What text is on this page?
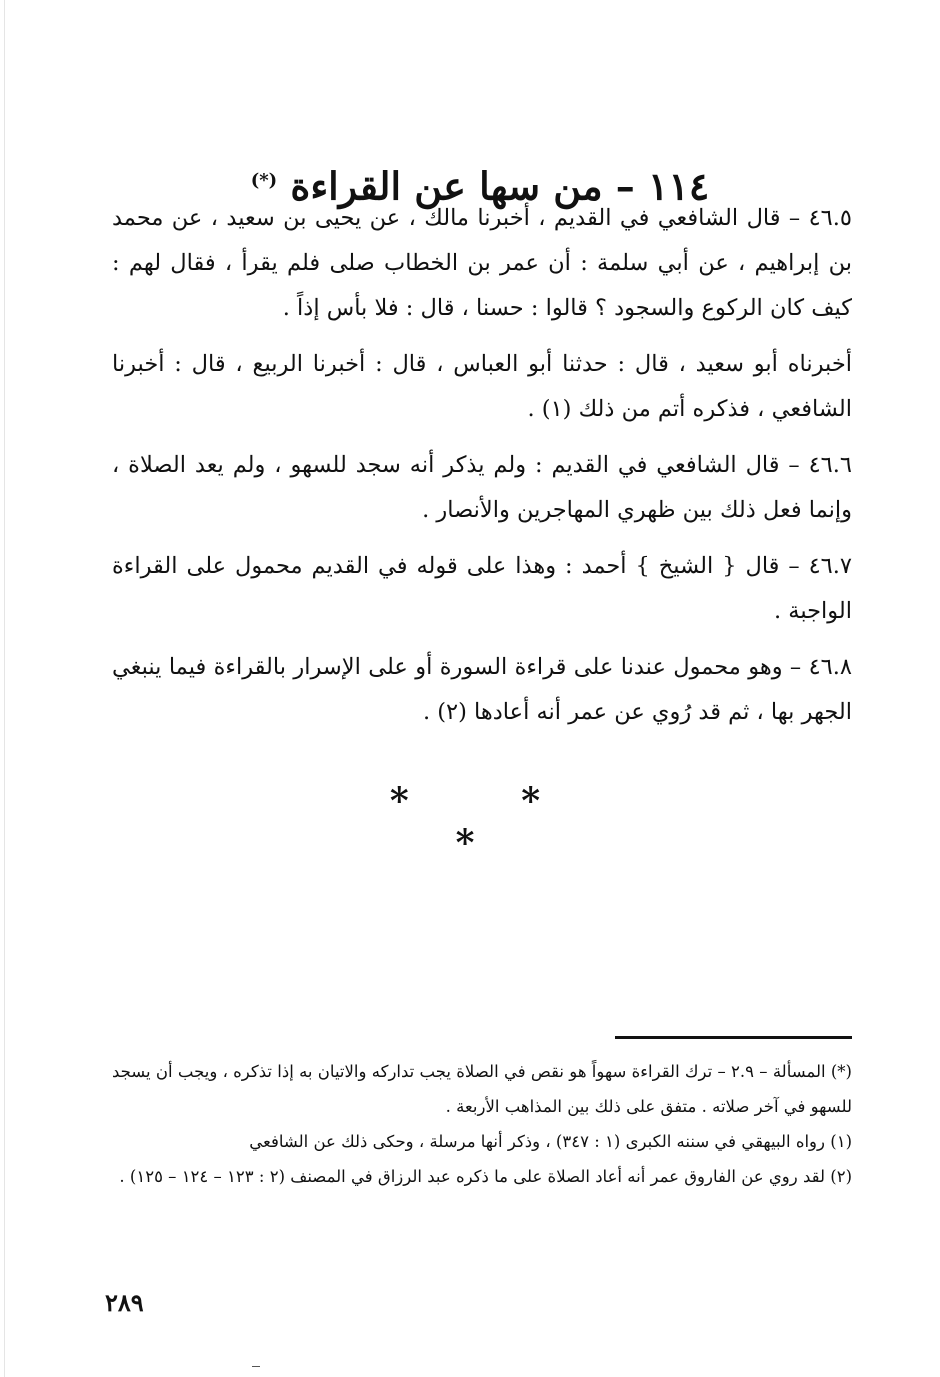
١١٤ – من سها عن القراءة (*)

٤٦.٥ – قال الشافعي في القديم ، أخبرنا مالك ، عن يحيى بن سعيد ، عن محمد بن إبراهيم ، عن أبي سلمة : أن عمر بن الخطاب صلى فلم يقرأ ، فقال لهم : كيف كان الركوع والسجود ؟ قالوا : حسنا ، قال : فلا بأس إذاً .

أخبرناه أبو سعيد ، قال : حدثنا أبو العباس ، قال : أخبرنا الربيع ، قال : أخبرنا الشافعي ، فذكره أتم من ذلك (١) .

٤٦.٦ – قال الشافعي في القديم : ولم يذكر أنه سجد للسهو ، ولم يعد الصلاة ، وإنما فعل ذلك بين ظهري المهاجرين والأنصار .

٤٦.٧ – قال { الشيخ } أحمد : وهذا على قوله في القديم محمول على القراءة الواجبة .

٤٦.٨ – وهو محمول عندنا على قراءة السورة أو على الإسرار بالقراءة فيما ينبغي الجهر بها ، ثم قد رُوي عن عمر أنه أعادها (٢) .

* * *

(*) المسألة – ٢.٩ – ترك القراءة سهواً هو نقص في الصلاة يجب تداركه والاتيان به إذا تذكره ، ويجب أن يسجد للسهو في آخر صلاته . متفق على ذلك بين المذاهب الأربعة .

(١) رواه البيهقي في سننه الكبرى (١ : ٣٤٧) ، وذكر أنها مرسلة ، وحكى ذلك عن الشافعي

(٢) لقد روي عن الفاروق عمر أنه أعاد الصلاة على ما ذكره عبد الرزاق في المصنف (٢ : ١٢٣ – ١٢٤ – ١٢٥) .

٢٨٩
